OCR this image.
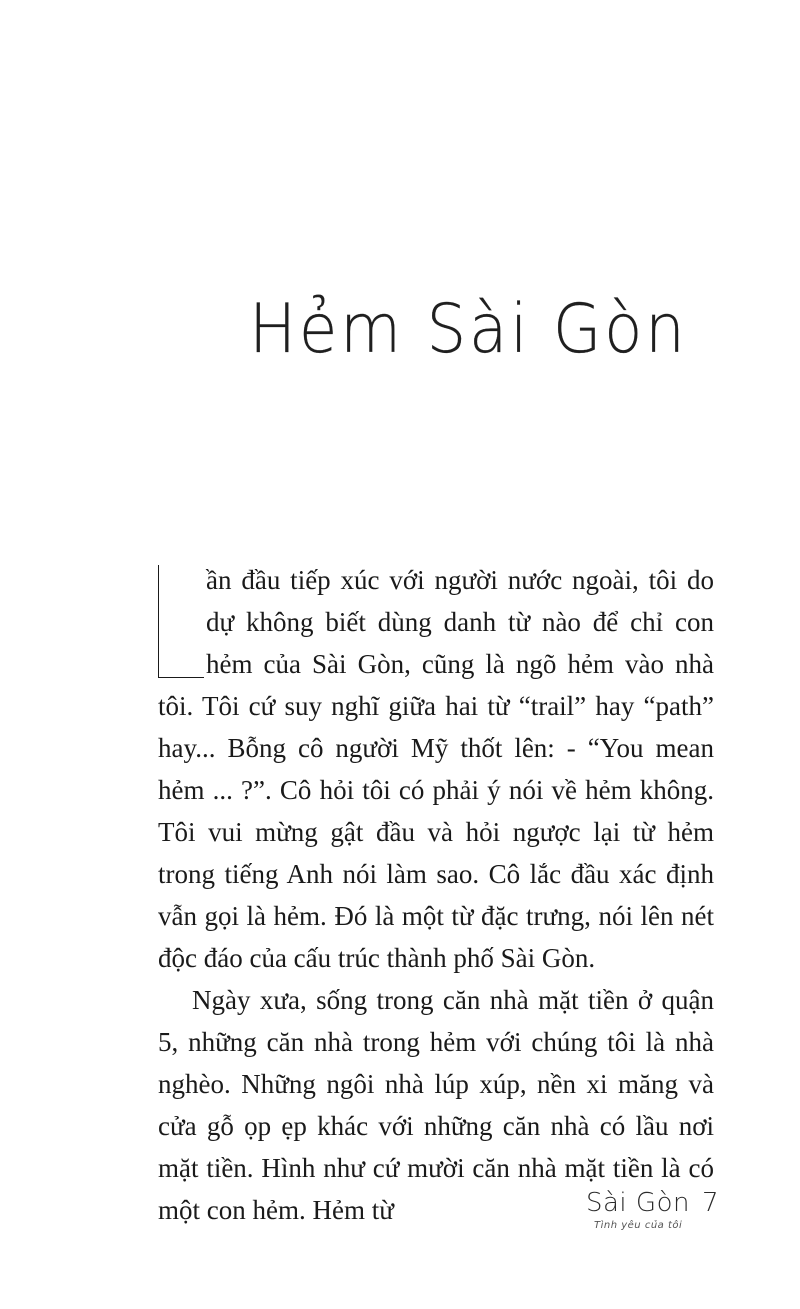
Hẻm Sài Gòn

ần đầu tiếp xúc với người nước ngoài, tôi do dự không biết dùng danh từ nào để chỉ con hẻm của Sài Gòn, cũng là ngõ hẻm vào nhà tôi. Tôi cứ suy nghĩ giữa hai từ “trail” hay “path” hay... Bỗng cô người Mỹ thốt lên: - “You mean hẻm ... ?”. Cô hỏi tôi có phải ý nói về hẻm không. Tôi vui mừng gật đầu và hỏi ngược lại từ hẻm trong tiếng Anh nói làm sao. Cô lắc đầu xác định vẫn gọi là hẻm. Đó là một từ đặc trưng, nói lên nét độc đáo của cấu trúc thành phố Sài Gòn.

Ngày xưa, sống trong căn nhà mặt tiền ở quận 5, những căn nhà trong hẻm với chúng tôi là nhà nghèo. Những ngôi nhà lúp xúp, nền xi măng và cửa gỗ ọp ẹp khác với những căn nhà có lầu nơi mặt tiền. Hình như cứ mười căn nhà mặt tiền là có một con hẻm. Hẻm từ	Sài Gòn
Tình yêu của tôi
7
